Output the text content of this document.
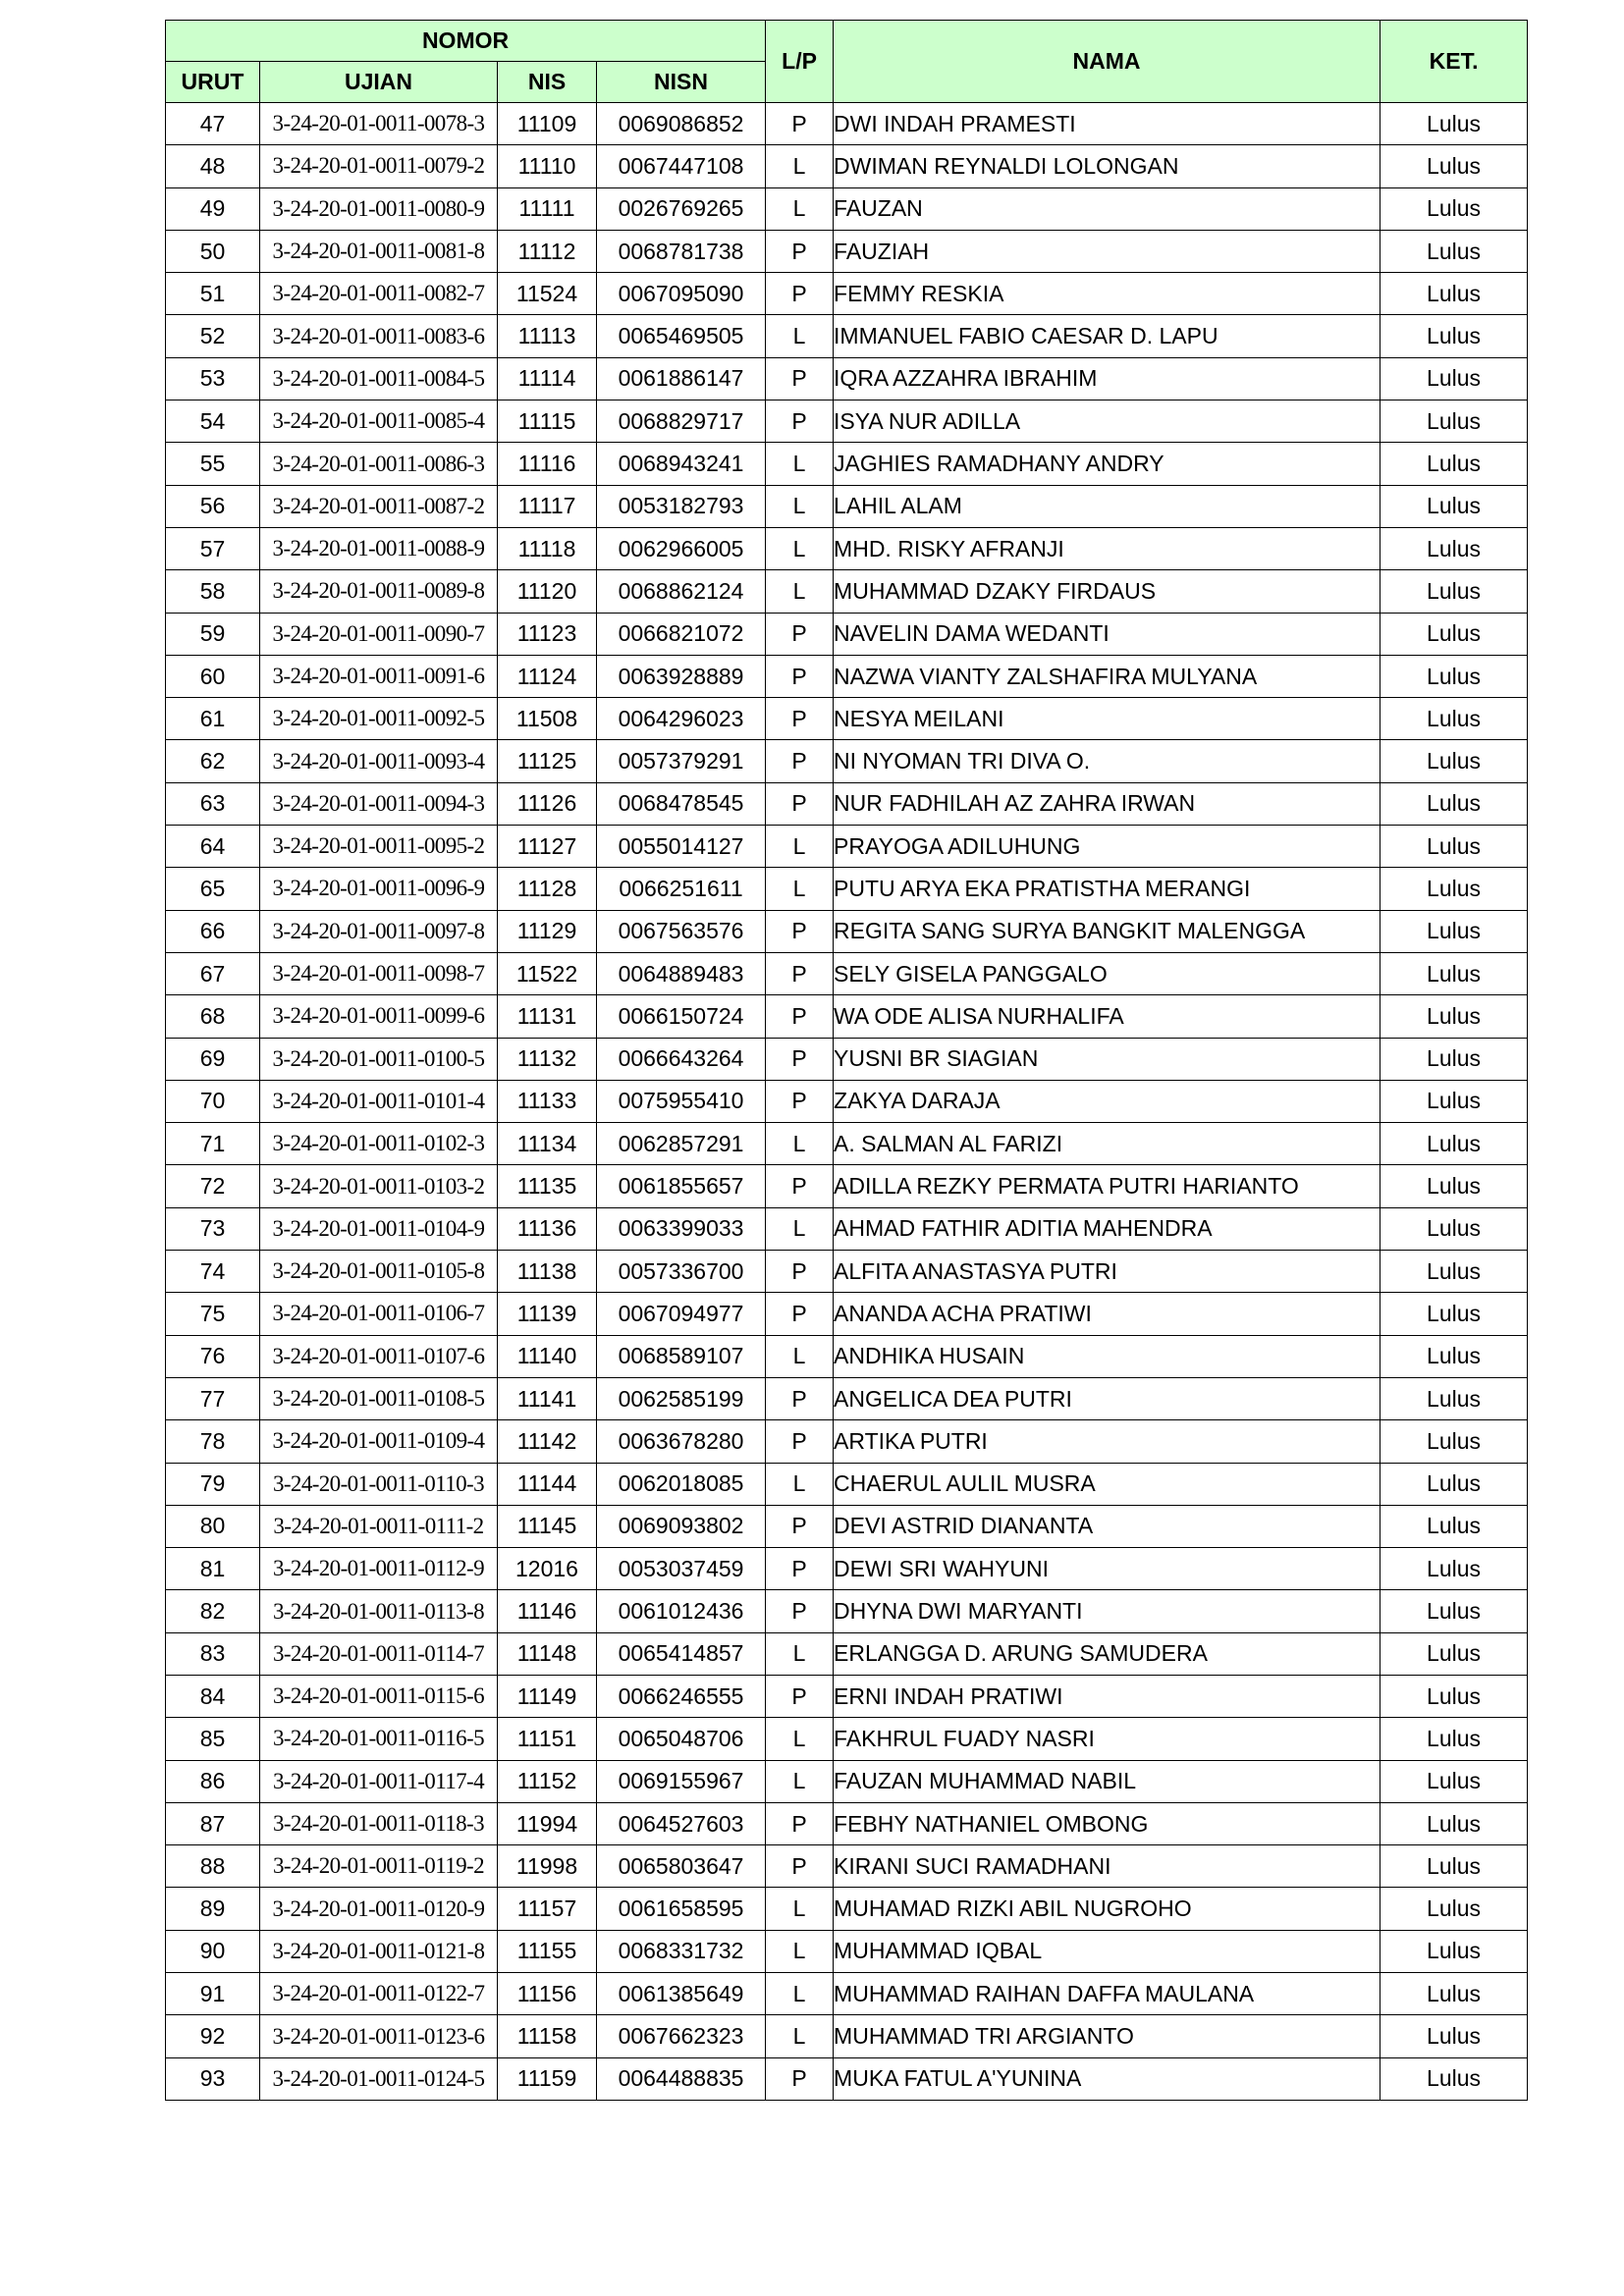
NOMOR				L/P	NAMA	KET.
URUT	UJIAN	NIS	NISN			
47	3-24-20-01-0011-0078-3	11109	0069086852	P	DWI INDAH PRAMESTI	Lulus
48	3-24-20-01-0011-0079-2	11110	0067447108	L	DWIMAN REYNALDI LOLONGAN	Lulus
49	3-24-20-01-0011-0080-9	11111	0026769265	L	FAUZAN	Lulus
50	3-24-20-01-0011-0081-8	11112	0068781738	P	FAUZIAH	Lulus
51	3-24-20-01-0011-0082-7	11524	0067095090	P	FEMMY RESKIA	Lulus
52	3-24-20-01-0011-0083-6	11113	0065469505	L	IMMANUEL FABIO CAESAR D. LAPU	Lulus
53	3-24-20-01-0011-0084-5	11114	0061886147	P	IQRA AZZAHRA IBRAHIM	Lulus
54	3-24-20-01-0011-0085-4	11115	0068829717	P	ISYA NUR ADILLA	Lulus
55	3-24-20-01-0011-0086-3	11116	0068943241	L	JAGHIES RAMADHANY ANDRY	Lulus
56	3-24-20-01-0011-0087-2	11117	0053182793	L	LAHIL ALAM	Lulus
57	3-24-20-01-0011-0088-9	11118	0062966005	L	MHD. RISKY AFRANJI	Lulus
58	3-24-20-01-0011-0089-8	11120	0068862124	L	MUHAMMAD DZAKY FIRDAUS	Lulus
59	3-24-20-01-0011-0090-7	11123	0066821072	P	NAVELIN DAMA WEDANTI	Lulus
60	3-24-20-01-0011-0091-6	11124	0063928889	P	NAZWA VIANTY ZALSHAFIRA MULYANA	Lulus
61	3-24-20-01-0011-0092-5	11508	0064296023	P	NESYA MEILANI	Lulus
62	3-24-20-01-0011-0093-4	11125	0057379291	P	NI NYOMAN TRI DIVA O.	Lulus
63	3-24-20-01-0011-0094-3	11126	0068478545	P	NUR FADHILAH AZ ZAHRA IRWAN	Lulus
64	3-24-20-01-0011-0095-2	11127	0055014127	L	PRAYOGA ADILUHUNG	Lulus
65	3-24-20-01-0011-0096-9	11128	0066251611	L	PUTU ARYA EKA PRATISTHA MERANGI	Lulus
66	3-24-20-01-0011-0097-8	11129	0067563576	P	REGITA SANG SURYA BANGKIT MALENGGA	Lulus
67	3-24-20-01-0011-0098-7	11522	0064889483	P	SELY GISELA PANGGALO	Lulus
68	3-24-20-01-0011-0099-6	11131	0066150724	P	WA ODE ALISA NURHALIFA	Lulus
69	3-24-20-01-0011-0100-5	11132	0066643264	P	YUSNI BR SIAGIAN	Lulus
70	3-24-20-01-0011-0101-4	11133	0075955410	P	ZAKYA DARAJA	Lulus
71	3-24-20-01-0011-0102-3	11134	0062857291	L	A. SALMAN AL FARIZI	Lulus
72	3-24-20-01-0011-0103-2	11135	0061855657	P	ADILLA REZKY PERMATA PUTRI HARIANTO	Lulus
73	3-24-20-01-0011-0104-9	11136	0063399033	L	AHMAD FATHIR ADITIA MAHENDRA	Lulus
74	3-24-20-01-0011-0105-8	11138	0057336700	P	ALFITA ANASTASYA PUTRI	Lulus
75	3-24-20-01-0011-0106-7	11139	0067094977	P	ANANDA ACHA PRATIWI	Lulus
76	3-24-20-01-0011-0107-6	11140	0068589107	L	ANDHIKA HUSAIN	Lulus
77	3-24-20-01-0011-0108-5	11141	0062585199	P	ANGELICA DEA PUTRI	Lulus
78	3-24-20-01-0011-0109-4	11142	0063678280	P	ARTIKA PUTRI	Lulus
79	3-24-20-01-0011-0110-3	11144	0062018085	L	CHAERUL AULIL MUSRA	Lulus
80	3-24-20-01-0011-0111-2	11145	0069093802	P	DEVI ASTRID DIANANTA	Lulus
81	3-24-20-01-0011-0112-9	12016	0053037459	P	DEWI SRI WAHYUNI	Lulus
82	3-24-20-01-0011-0113-8	11146	0061012436	P	DHYNA DWI MARYANTI	Lulus
83	3-24-20-01-0011-0114-7	11148	0065414857	L	ERLANGGA D. ARUNG SAMUDERA	Lulus
84	3-24-20-01-0011-0115-6	11149	0066246555	P	ERNI INDAH PRATIWI	Lulus
85	3-24-20-01-0011-0116-5	11151	0065048706	L	FAKHRUL FUADY NASRI	Lulus
86	3-24-20-01-0011-0117-4	11152	0069155967	L	FAUZAN MUHAMMAD NABIL	Lulus
87	3-24-20-01-0011-0118-3	11994	0064527603	P	FEBHY NATHANIEL OMBONG	Lulus
88	3-24-20-01-0011-0119-2	11998	0065803647	P	KIRANI SUCI RAMADHANI	Lulus
89	3-24-20-01-0011-0120-9	11157	0061658595	L	MUHAMAD RIZKI ABIL NUGROHO	Lulus
90	3-24-20-01-0011-0121-8	11155	0068331732	L	MUHAMMAD IQBAL	Lulus
91	3-24-20-01-0011-0122-7	11156	0061385649	L	MUHAMMAD RAIHAN DAFFA MAULANA	Lulus
92	3-24-20-01-0011-0123-6	11158	0067662323	L	MUHAMMAD TRI ARGIANTO	Lulus
93	3-24-20-01-0011-0124-5	11159	0064488835	P	MUKA FATUL A'YUNINA	Lulus
